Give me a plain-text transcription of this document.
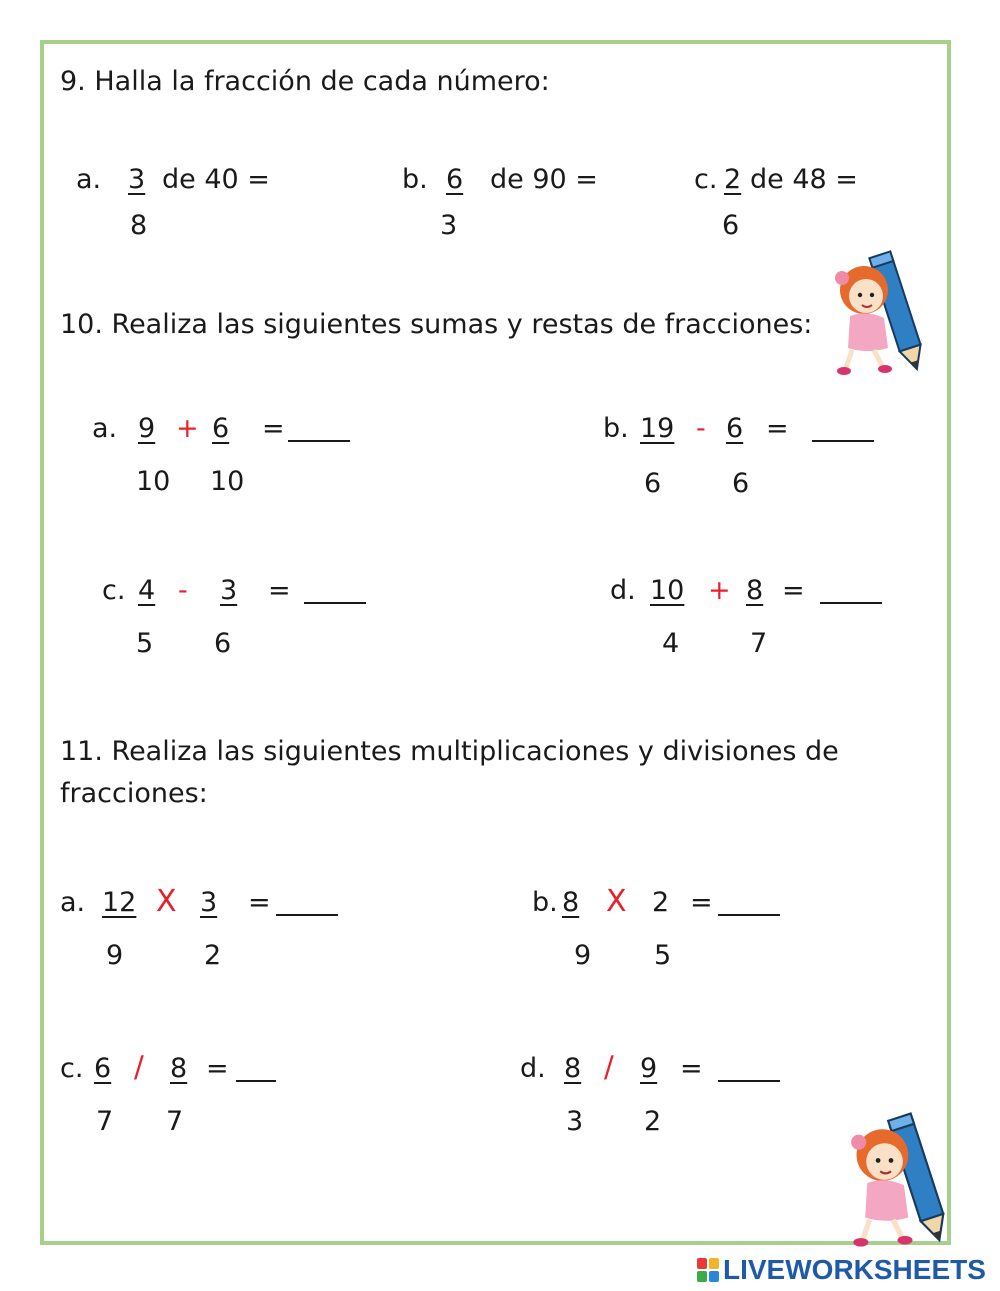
9. Halla la fracción de cada número:
a. 3 de 40 =
8
b. 6 de 90 =
3
c. 2 de 48 =
6
10. Realiza las siguientes sumas y restas de fracciones:
a. 9 + 6 =
10 10
b. 19 - 6 =
6	6
c. 4 - 3 =
5 6
d. 10 + 8 =
4	7
11. Realiza las siguientes multiplicaciones y divisiones de
fracciones:
a. 12 X 3 =
9	2
b. 8 X 2 =
9 5
c. 6 / 8 =
7 7
d. 8 / 9 =
3 2
LIVEWORKSHEETS
